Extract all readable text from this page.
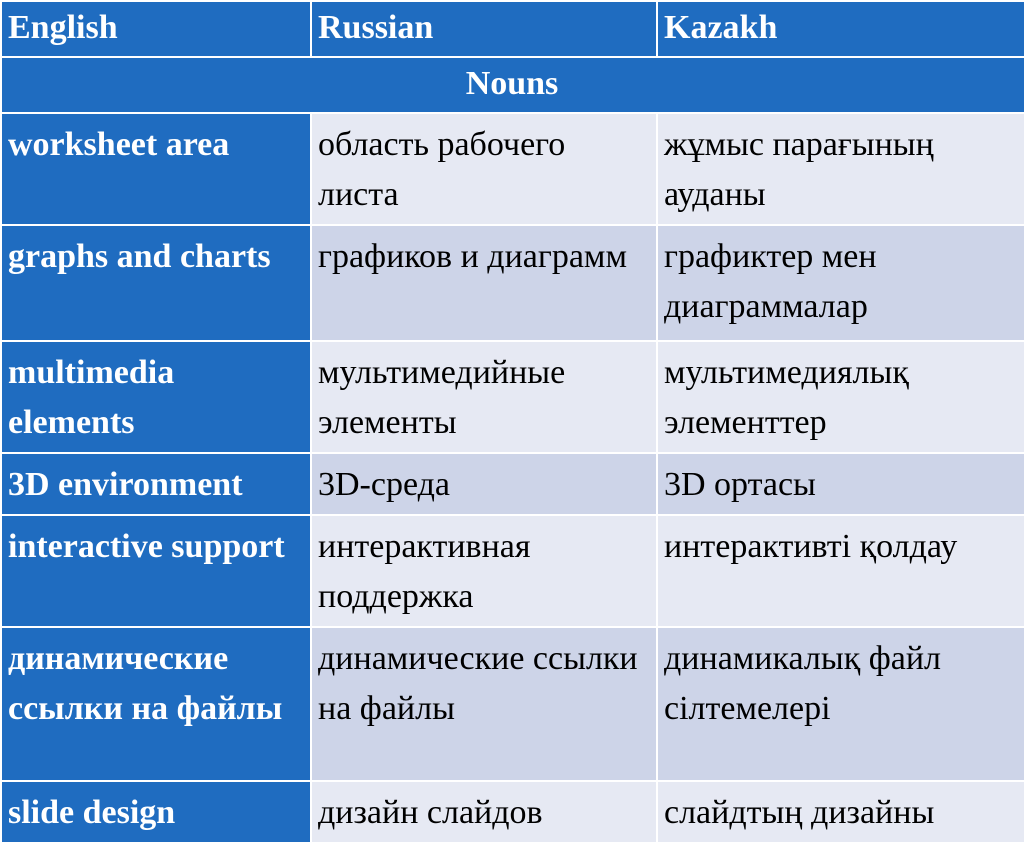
English	Russian	Kazakh
Nouns		
worksheet area	область рабочего листа	жұмыс парағының ауданы
graphs and charts	графиков и диаграмм	графиктер мен диаграммалар
multimedia elements	мультимедийные элементы	мультимедиялық элементтер
3D environment	3D-среда	3D ортасы
interactive support	интерактивная поддержка	интерактивті қолдау
динамические ссылки на файлы	динамические ссылки на файлы	динамикалық файл сілтемелері
slide design	дизайн слайдов	слайдтың дизайны
